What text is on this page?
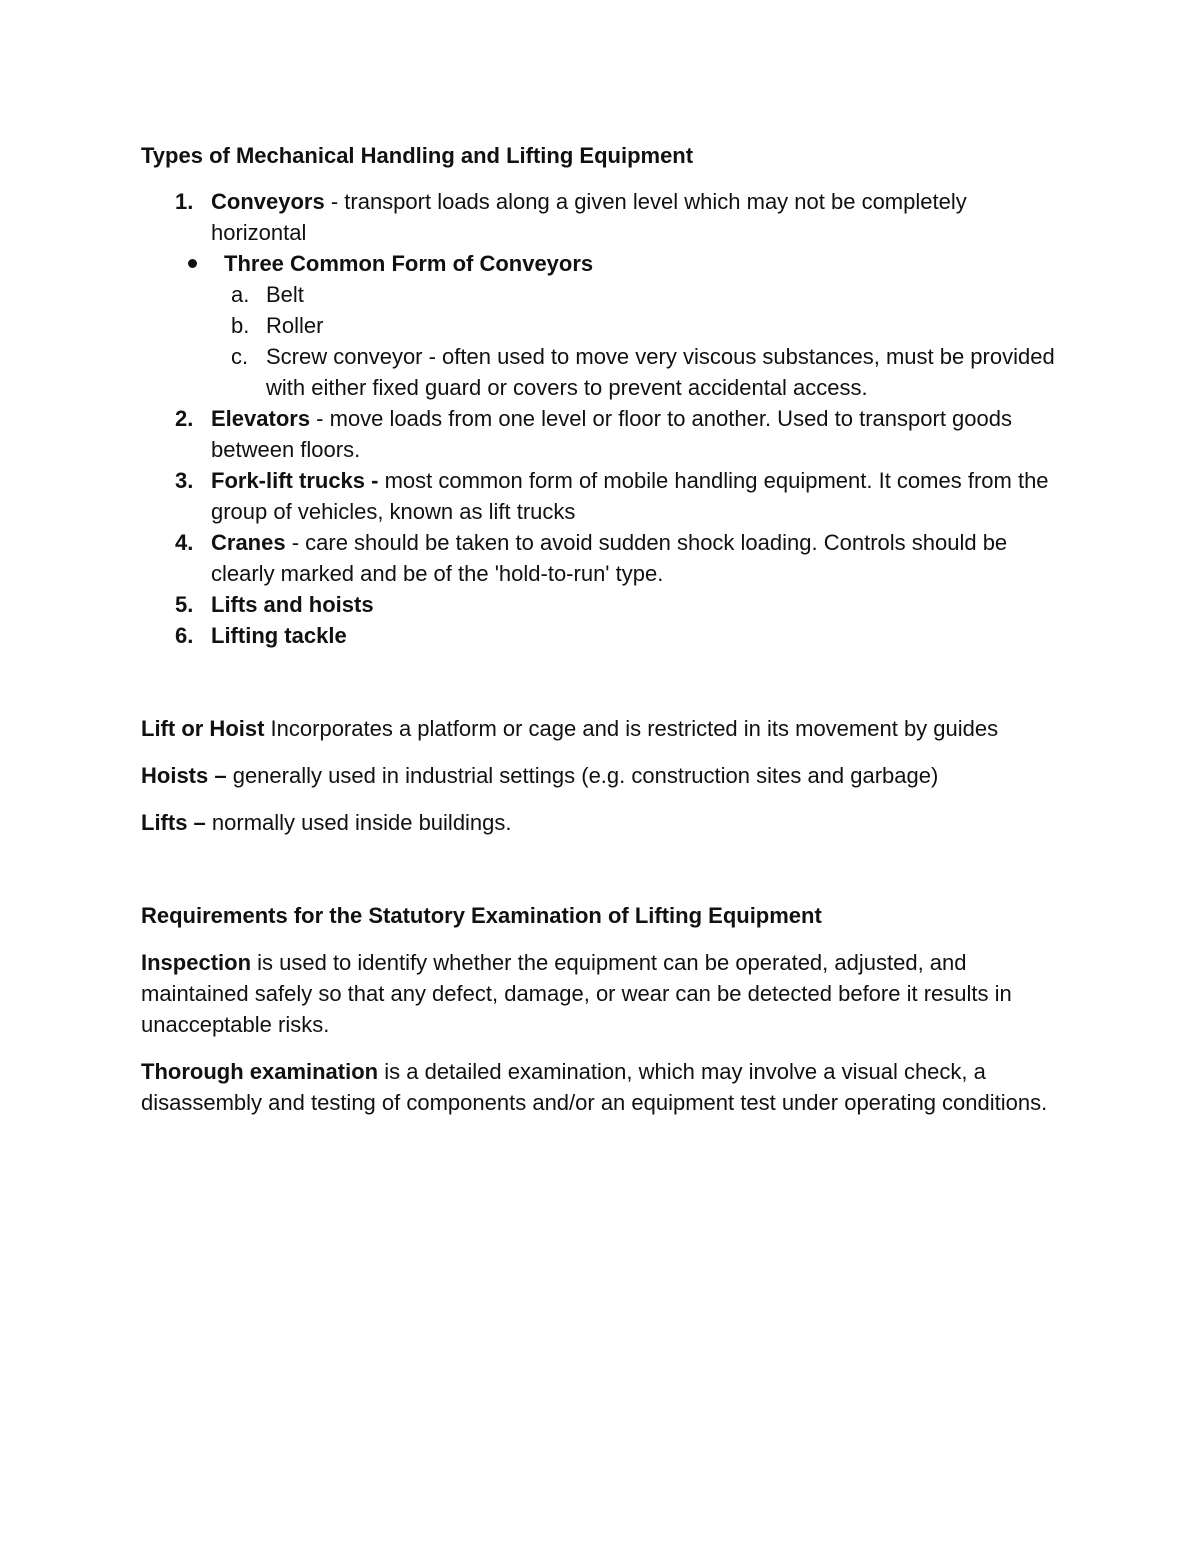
Types of Mechanical Handling and Lifting Equipment
1. Conveyors - transport loads along a given level which may not be completely horizontal
Three Common Form of Conveyors
a. Belt
b. Roller
c. Screw conveyor - often used to move very viscous substances, must be provided with either fixed guard or covers to prevent accidental access.
2. Elevators - move loads from one level or floor to another. Used to transport goods between floors.
3. Fork-lift trucks - most common form of mobile handling equipment. It comes from the group of vehicles, known as lift trucks
4. Cranes - care should be taken to avoid sudden shock loading. Controls should be clearly marked and be of the 'hold-to-run' type.
5. Lifts and hoists
6. Lifting tackle

Lift or Hoist Incorporates a platform or cage and is restricted in its movement by guides

Hoists – generally used in industrial settings (e.g. construction sites and garbage)

Lifts – normally used inside buildings.

Requirements for the Statutory Examination of Lifting Equipment

Inspection is used to identify whether the equipment can be operated, adjusted, and maintained safely so that any defect, damage, or wear can be detected before it results in unacceptable risks.

Thorough examination is a detailed examination, which may involve a visual check, a disassembly and testing of components and/or an equipment test under operating conditions.
